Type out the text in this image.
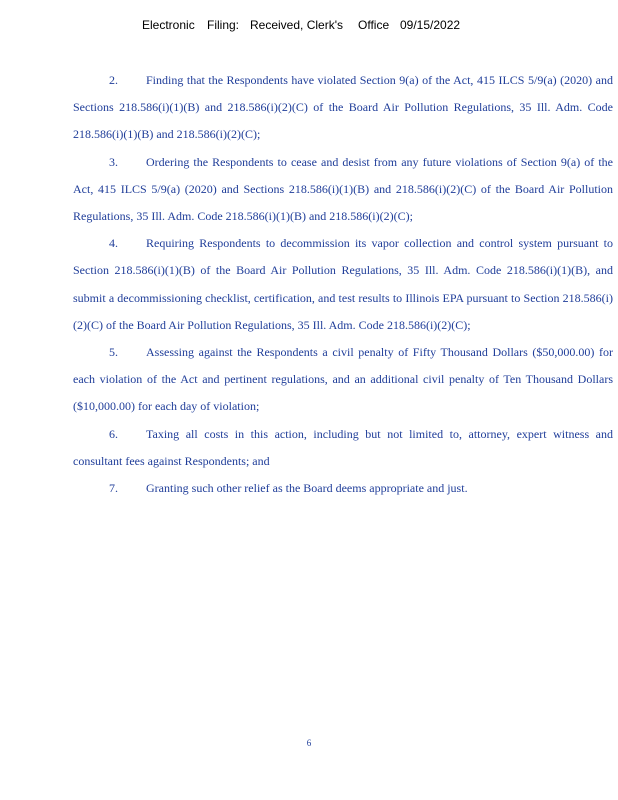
Electronic Filing: Received, Clerk's Office 09/15/2022

2. Finding that the Respondents have violated Section 9(a) of the Act, 415 ILCS 5/9(a) (2020) and Sections 218.586(i)(1)(B) and 218.586(i)(2)(C) of the Board Air Pollution Regulations, 35 Ill. Adm. Code 218.586(i)(1)(B) and 218.586(i)(2)(C);

3. Ordering the Respondents to cease and desist from any future violations of Section 9(a) of the Act, 415 ILCS 5/9(a) (2020) and Sections 218.586(i)(1)(B) and 218.586(i)(2)(C) of the Board Air Pollution Regulations, 35 Ill. Adm. Code 218.586(i)(1)(B) and 218.586(i)(2)(C);

4. Requiring Respondents to decommission its vapor collection and control system pursuant to Section 218.586(i)(1)(B) of the Board Air Pollution Regulations, 35 Ill. Adm. Code 218.586(i)(1)(B), and submit a decommissioning checklist, certification, and test results to Illinois EPA pursuant to Section 218.586(i)(2)(C) of the Board Air Pollution Regulations, 35 Ill. Adm. Code 218.586(i)(2)(C);

5. Assessing against the Respondents a civil penalty of Fifty Thousand Dollars ($50,000.00) for each violation of the Act and pertinent regulations, and an additional civil penalty of Ten Thousand Dollars ($10,000.00) for each day of violation;

6. Taxing all costs in this action, including but not limited to, attorney, expert witness and consultant fees against Respondents; and

7. Granting such other relief as the Board deems appropriate and just.

6
